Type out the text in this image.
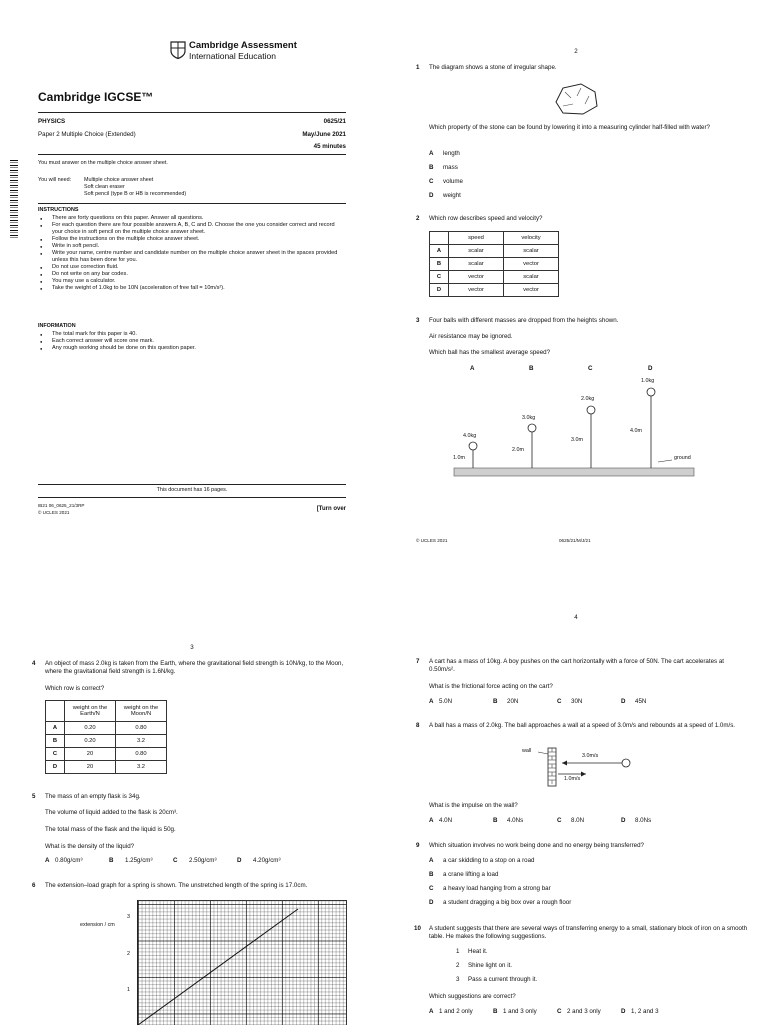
Cambridge Assessment
International Education
Cambridge IGCSE™
PHYSICS	0625/21
Paper 2 Multiple Choice (Extended)	May/June 2021
45 minutes
You must answer on the multiple choice answer sheet.
You will need: Multiple choice answer sheet
Soft clean eraser
Soft pencil (type B or HB is recommended)
INSTRUCTIONS
● There are forty questions on this paper. Answer all questions.
● For each question there are four possible answers A, B, C and D. Choose the one you consider correct and record your choice in soft pencil on the multiple choice answer sheet.
● Follow the instructions on the multiple choice answer sheet.
● Write in soft pencil.
● Write your name, centre number and candidate number on the multiple choice answer sheet in the spaces provided unless this has been done for you.
● Do not use correction fluid.
● Do not write on any bar codes.
● You may use a calculator.
● Take the weight of 1.0kg to be 10N (acceleration of free fall = 10m/s²).
INFORMATION
● The total mark for this paper is 40.
● Each correct answer will score one mark.
● Any rough working should be done on this question paper.
This document has 16 pages.
IB21 06_0625_21/3RP
© UCLES 2021
[Turn over
2
1 The diagram shows a stone of irregular shape.
Which property of the stone can be found by lowering it into a measuring cylinder half-filled with water?
A length
B mass
C volume
D weight
2 Which row describes speed and velocity?
	speed	velocity
A	scalar	scalar
B	scalar	vector
C	vector	scalar
D	vector	vector
3 Four balls with different masses are dropped from the heights shown.
Air resistance may be ignored.
Which ball has the smallest average speed?
A	B	C	D
4.0kg
1.0m
3.0kg
2.0m
2.0kg
3.0m
1.0kg
4.0m
ground
© UCLES 2021	0625/21/M/J/21
3
4 An object of mass 2.0kg is taken from the Earth, where the gravitational field strength is 10N/kg, to the Moon, where the gravitational field strength is 1.6N/kg.
Which row is correct?
	weight on the Earth/N	weight on the Moon/N
A	0.20	0.80
B	0.20	3.2
C	20	0.80
D	20	3.2
5 The mass of an empty flask is 34g.
The volume of liquid added to the flask is 20cm³.
The total mass of the flask and the liquid is 50g.
What is the density of the liquid?
A 0.80g/cm³	B 1.25g/cm³	C 2.50g/cm³	D 4.20g/cm³
6 The extension–load graph for a spring is shown. The unstretched length of the spring is 17.0cm.
extension / cm
3
2
1
4
7 A cart has a mass of 10kg. A boy pushes on the cart horizontally with a force of 50N. The cart accelerates at 0.50m/s².
What is the frictional force acting on the cart?
A 5.0N	B 20N	C 30N	D 45N
8 A ball has a mass of 2.0kg. The ball approaches a wall at a speed of 3.0m/s and rebounds at a speed of 1.0m/s.
wall
3.0m/s
1.0m/s
What is the impulse on the wall?
A 4.0N	B 4.0Ns	C 8.0N	D 8.0Ns
9 Which situation involves no work being done and no energy being transferred?
A a car skidding to a stop on a road
B a crane lifting a load
C a heavy load hanging from a strong bar
D a student dragging a big box over a rough floor
10 A student suggests that there are several ways of transferring energy to a small, stationary block of iron on a smooth table. He makes the following suggestions.
1 Heat it.
2 Shine light on it.
3 Pass a current through it.
Which suggestions are correct?
A 1 and 2 only	B 1 and 3 only	C 2 and 3 only	D 1, 2 and 3
